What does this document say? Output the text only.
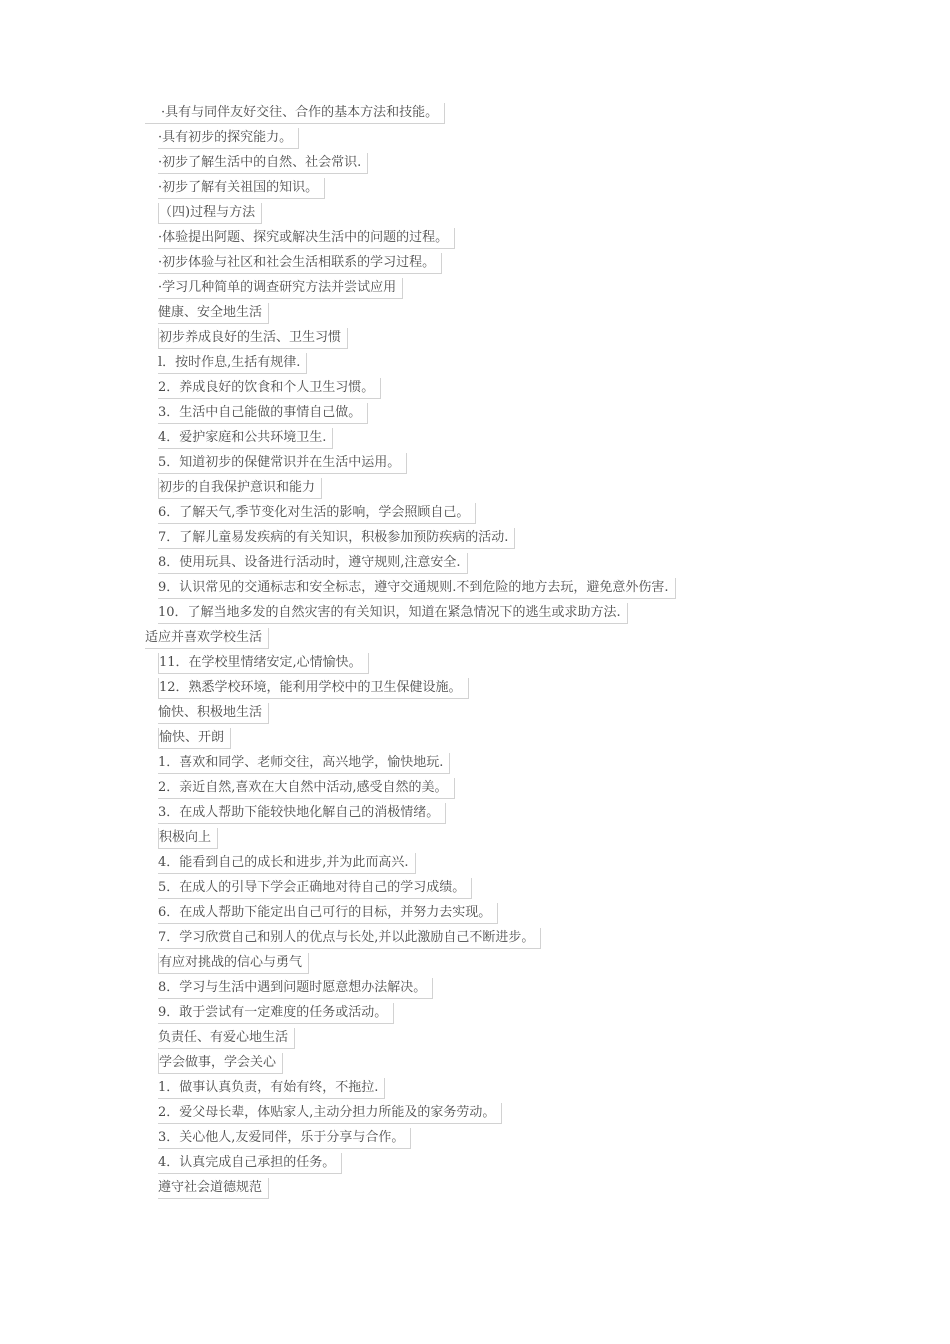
·具有与同伴友好交往、合作的基本方法和技能。
·具有初步的探究能力。
·初步了解生活中的自然、社会常识.
·初步了解有关祖国的知识。
（四)过程与方法
·体验提出阿题、探究或解决生活中的问题的过程。
·初步体验与社区和社会生活相联系的学习过程。
·学习几种简单的调查研究方法并尝试应用
健康、安全地生活
初步养成良好的生活、卫生习惯
l．按时作息,生括有规律.
2．养成良好的饮食和个人卫生习惯。
3．生活中自己能做的事情自己做。
4．爱护家庭和公共环境卫生.
5．知道初步的保健常识并在生活中运用。
初步的自我保护意识和能力
6．了解天气,季节变化对生活的影响，学会照顾自己。
7．了解儿童易发疾病的有关知识，积极参加预防疾病的活动.
8．使用玩具、设备进行活动时，遵守规则,注意安全.
9．认识常见的交通标志和安全标志，遵守交通规则.不到危险的地方去玩，避免意外伤害.
10．了解当地多发的自然灾害的有关知识，知道在紧急情况下的逃生或求助方法.
适应并喜欢学校生活
11．在学校里情绪安定,心情愉快。
12．熟悉学校环境，能利用学校中的卫生保健设施。
愉快、积极地生活
愉快、开朗
1．喜欢和同学、老师交往，高兴地学，愉快地玩.
2．亲近自然,喜欢在大自然中活动,感受自然的美。
3．在成人帮助下能较快地化解自己的消极情绪。
积极向上
4．能看到自己的成长和进步,并为此而高兴.
5．在成人的引导下学会正确地对待自己的学习成绩。
6．在成人帮助下能定出自己可行的目标，并努力去实现。
7．学习欣赏自己和别人的优点与长处,并以此激励自己不断进步。
有应对挑战的信心与勇气
8．学习与生活中遇到问题时愿意想办法解决。
9．敢于尝试有一定难度的任务或活动。
负责任、有爱心地生活
学会做事，学会关心
1．做事认真负责，有始有终，不拖拉.
2．爱父母长辈，体贴家人,主动分担力所能及的家务劳动。
3．关心他人,友爱同伴，乐于分享与合作。
4．认真完成自己承担的任务。
遵守社会道德规范
